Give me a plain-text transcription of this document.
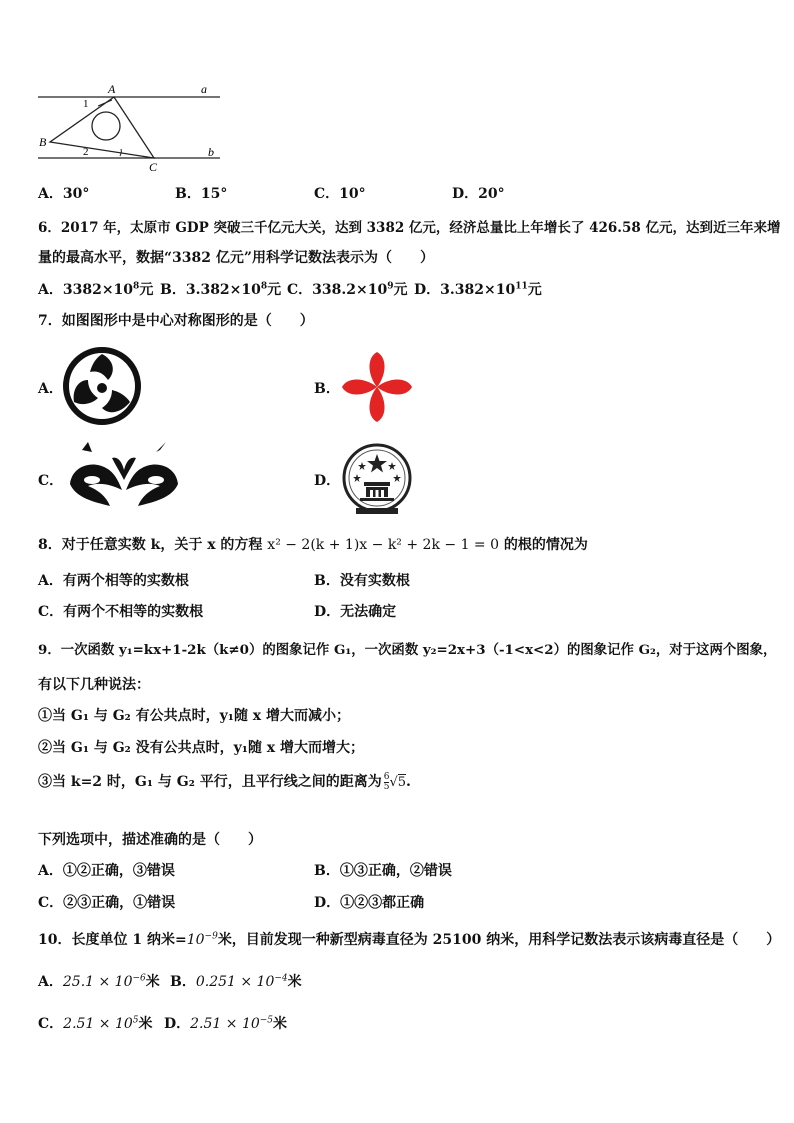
A
B
C
a
b
1
2
A．30°	B．15°	C．10°	D．20°
6．2017 年，太原市 GDP 突破三千亿元大关，达到 3382 亿元，经济总量比上年增长了 426.58 亿元，达到近三年来增
量的最高水平，数据“3382 亿元”用科学记数法表示为（　　）
A．$3382\times 10^8$元 B．$3.382\times 10^8$元 C．$338.2\times 10^9$元 D．$3.382\times 10^{11}$元
7．如图图形中是中心对称图形的是（　　）
A．	B．
C．	D．
8．对于任意实数 k，关于 x 的方程 x² − 2(k + 1)x − k² + 2k − 1 = 0 的根的情况为
A．有两个相等的实数根	B．没有实数根
C．有两个不相等的实数根	D．无法确定
9．一次函数 y₁=kx+1-2k（k≠0）的图象记作 G₁，一次函数 y₂=2x+3（-1<x<2）的图象记作 G₂，对于这两个图象，
有以下几种说法：
①当 G₁ 与 G₂ 有公共点时，y₁随 x 增大而减小；
②当 G₁ 与 G₂ 没有公共点时，y₁随 x 增大而增大；
③当 k=2 时，G₁ 与 G₂ 平行，且平行线之间的距离为 $\frac{6}{5} √5$.
下列选项中，描述准确的是（　　）
A．①②正确，③错误	B．①③正确，②错误
C．②③正确，①错误	D．①②③都正确
10．长度单位 1 纳米$=10^{-9}$米，目前发现一种新型病毒直径为 25100 纳米，用科学记数法表示该病毒直径是（　　）
A．$25.1 \times 10^{-6}$米 B．$0.251 \times 10^{-4}$米
C．$2.51 \times 10^5$米 D．$2.51 \times 10^{-5}$米
